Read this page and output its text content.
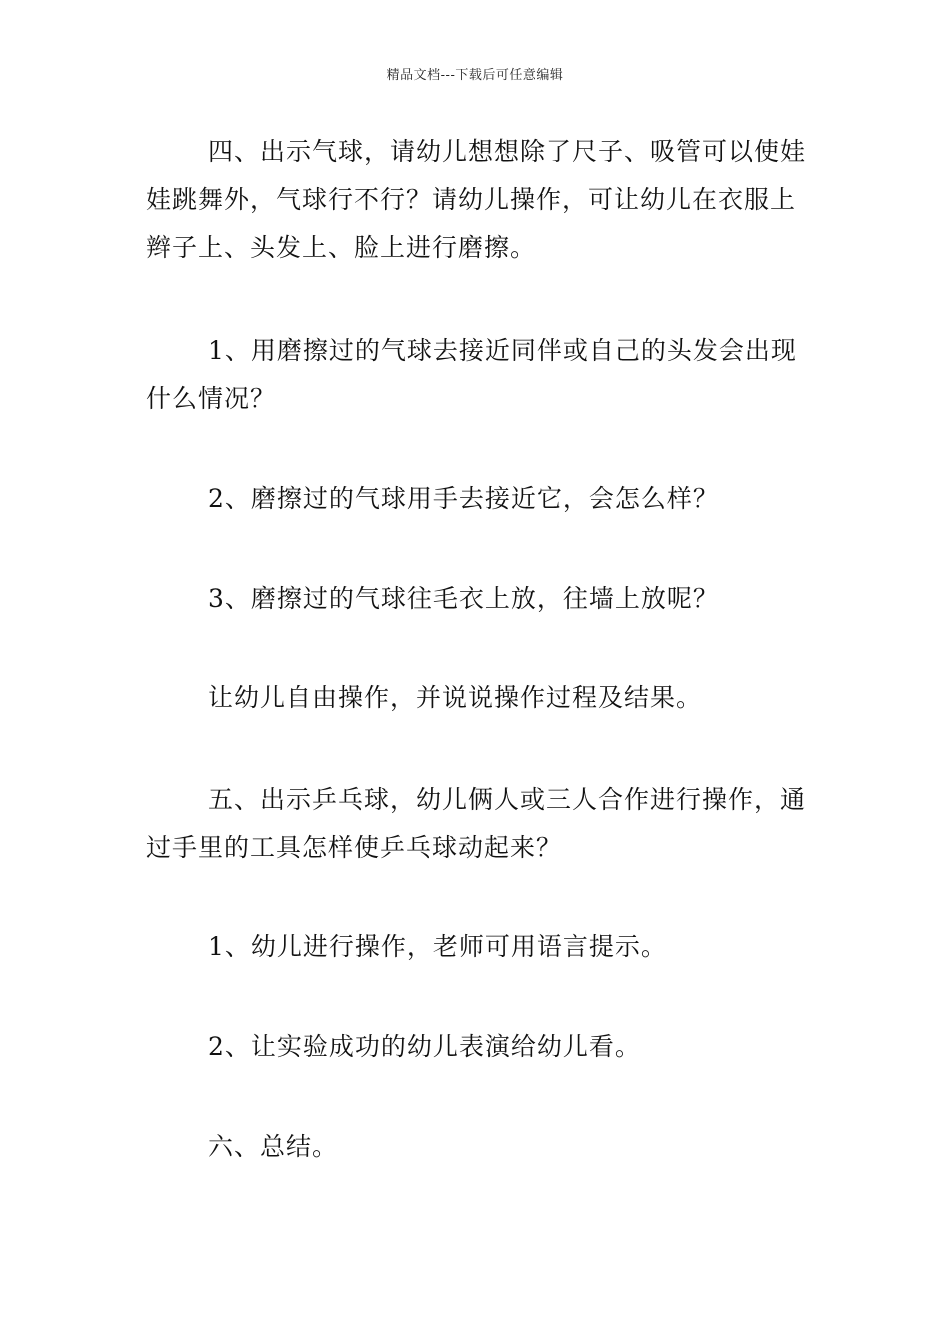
精品文档---下载后可任意编辑

四、出示气球，请幼儿想想除了尺子、吸管可以使娃娃跳舞外，气球行不行？请幼儿操作，可让幼儿在衣服上辫子上、头发上、脸上进行磨擦。

1、用磨擦过的气球去接近同伴或自己的头发会出现什么情况？

2、磨擦过的气球用手去接近它，会怎么样？

3、磨擦过的气球往毛衣上放，往墙上放呢？

让幼儿自由操作，并说说操作过程及结果。

五、出示乒乓球，幼儿俩人或三人合作进行操作，通过手里的工具怎样使乒乓球动起来？

1、幼儿进行操作，老师可用语言提示。

2、让实验成功的幼儿表演给幼儿看。

六、总结。
